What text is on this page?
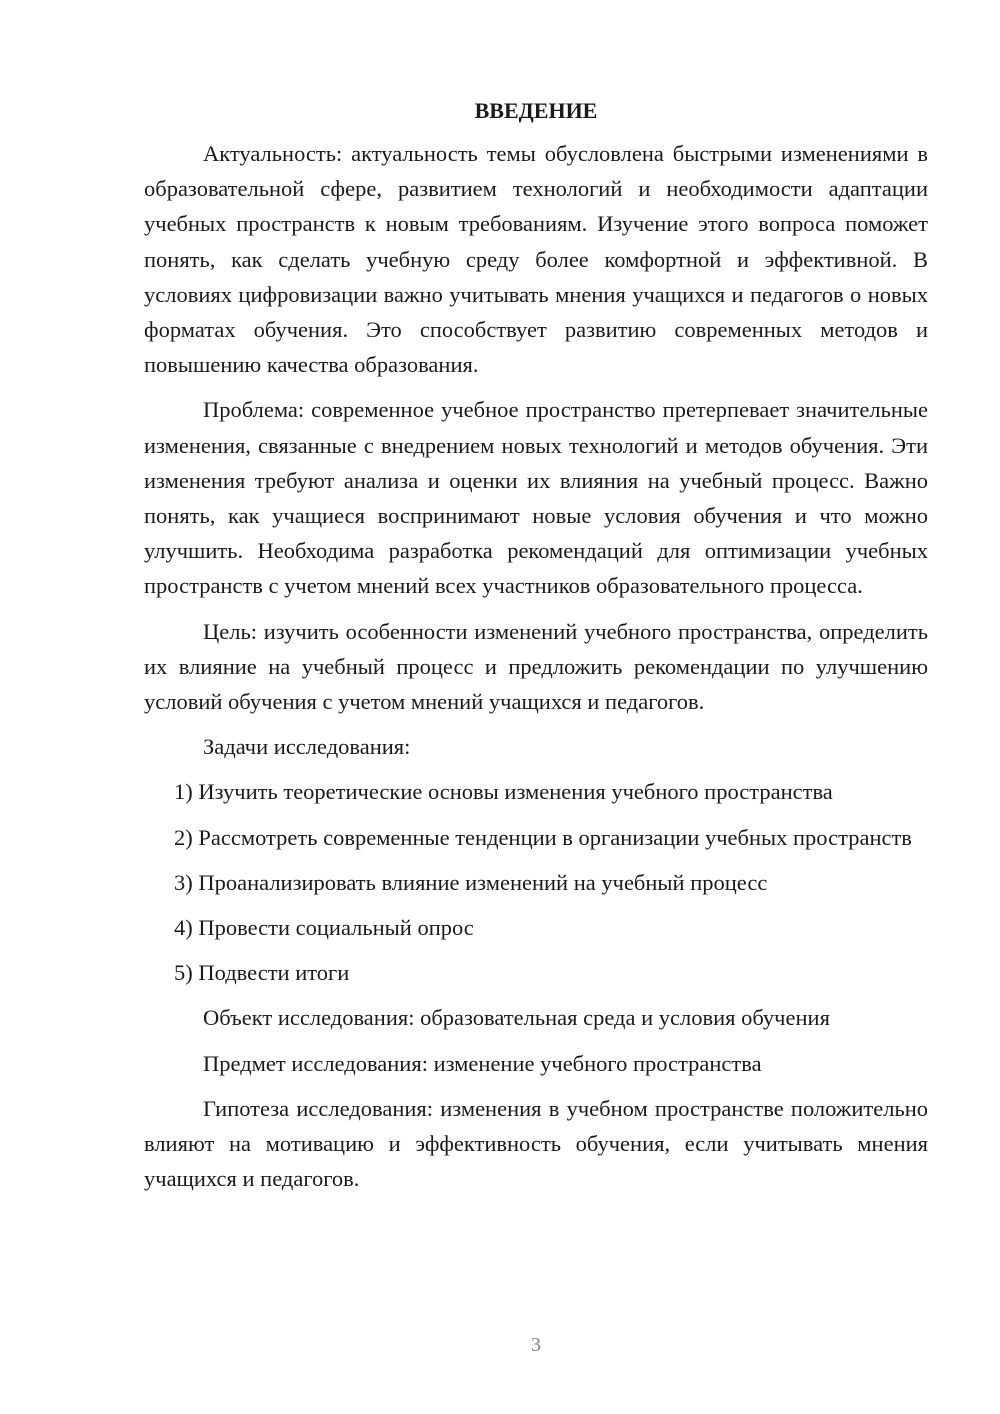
ВВЕДЕНИЕ

Актуальность: актуальность темы обусловлена быстрыми изменениями в образовательной сфере, развитием технологий и необходимости адаптации учебных пространств к новым требованиям. Изучение этого вопроса поможет понять, как сделать учебную среду более комфортной и эффективной. В условиях цифровизации важно учитывать мнения учащихся и педагогов о новых форматах обучения. Это способствует развитию современных методов и повышению качества образования.

Проблема: современное учебное пространство претерпевает значительные изменения, связанные с внедрением новых технологий и методов обучения. Эти изменения требуют анализа и оценки их влияния на учебный процесс. Важно понять, как учащиеся воспринимают новые условия обучения и что можно улучшить. Необходима разработка рекомендаций для оптимизации учебных пространств с учетом мнений всех участников образовательного процесса.

Цель: изучить особенности изменений учебного пространства, определить их влияние на учебный процесс и предложить рекомендации по улучшению условий обучения с учетом мнений учащихся и педагогов.

Задачи исследования:

1) Изучить теоретические основы изменения учебного пространства

2) Рассмотреть современные тенденции в организации учебных пространств

3) Проанализировать влияние изменений на учебный процесс

4) Провести социальный опрос

5) Подвести итоги

Объект исследования: образовательная среда и условия обучения

Предмет исследования: изменение учебного пространства

Гипотеза исследования: изменения в учебном пространстве положительно влияют на мотивацию и эффективность обучения, если учитывать мнения учащихся и педагогов.

3
